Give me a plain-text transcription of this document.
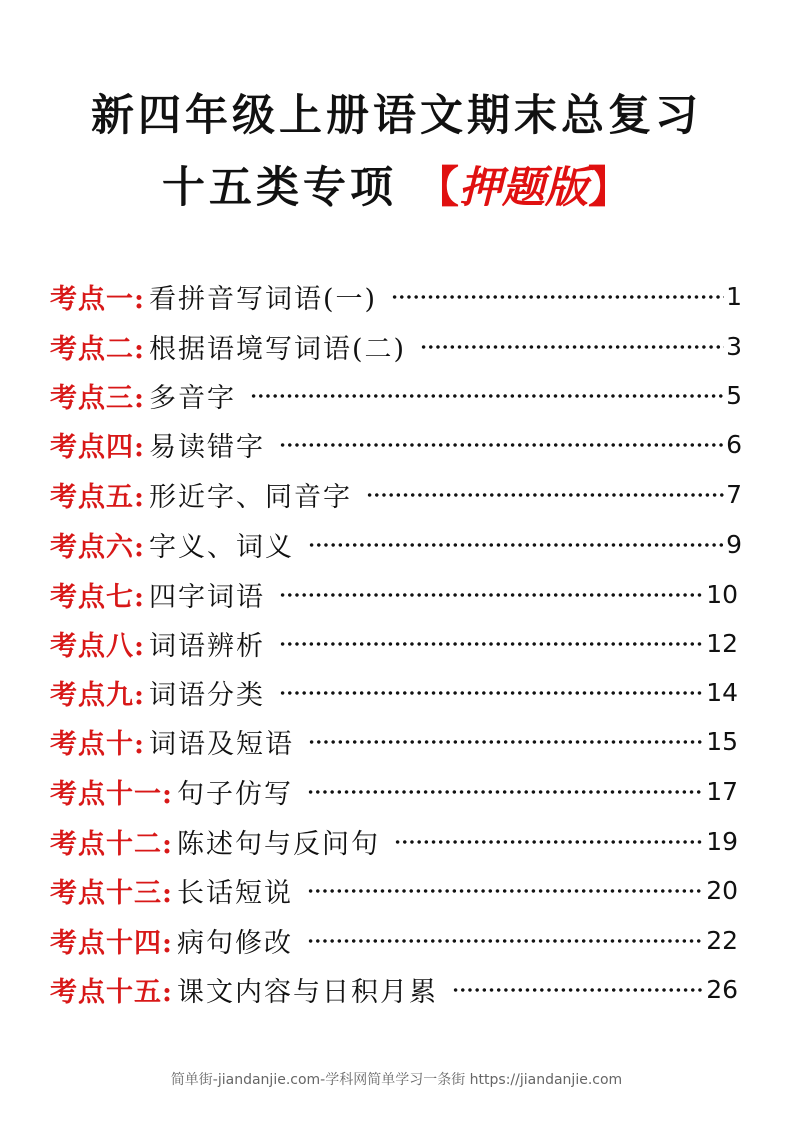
新四年级上册语文期末总复习
十五类专项 【押题版】
考点一: 看拼音写词语(一)	1
考点二: 根据语境写词语(二)	3
考点三: 多音字	5
考点四: 易读错字	6
考点五: 形近字、同音字	7
考点六: 字义、词义	9
考点七: 四字词语	10
考点八: 词语辨析	12
考点九: 词语分类	14
考点十: 词语及短语	15
考点十一: 句子仿写	17
考点十二: 陈述句与反问句	19
考点十三: 长话短说	20
考点十四: 病句修改	22
考点十五: 课文内容与日积月累	26
简单街-jiandanjie.com-学科网简单学习一条街 https://jiandanjie.com
